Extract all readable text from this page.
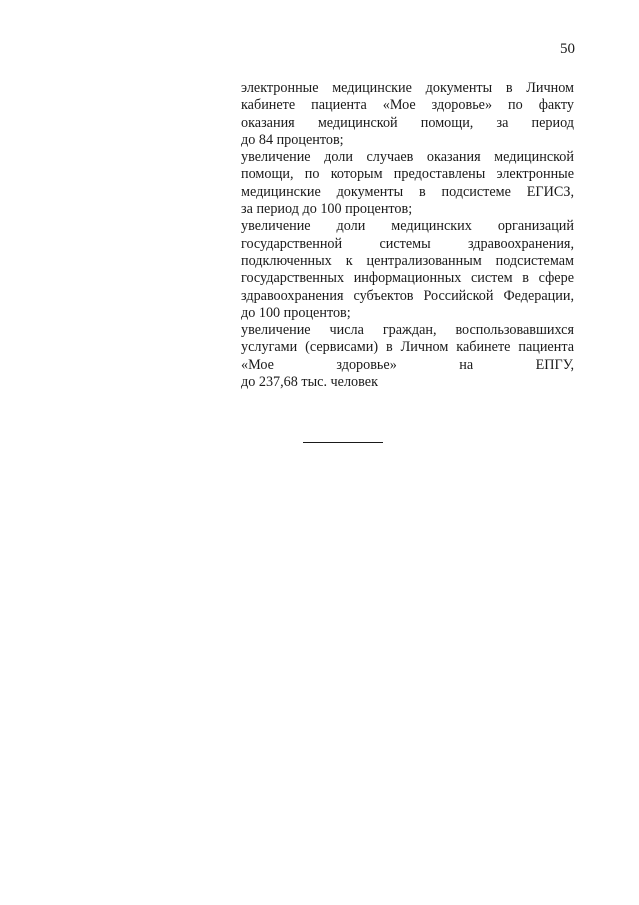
50
электронные медицинские документы в Личном
кабинете пациента «Мое здоровье» по факту
оказания медицинской помощи, за период
до 84 процентов;
увеличение доли случаев оказания медицинской
помощи, по которым предоставлены электронные
медицинские документы в подсистеме ЕГИСЗ,
за период до 100 процентов;
увеличение доли медицинских организаций
государственной системы здравоохранения,
подключенных к централизованным подсистемам
государственных информационных систем в сфере
здравоохранения субъектов Российской Федерации,
до 100 процентов;
увеличение числа граждан, воспользовавшихся
услугами (сервисами) в Личном кабинете пациента
«Мое здоровье» на ЕПГУ,
до 237,68 тыс. человек
